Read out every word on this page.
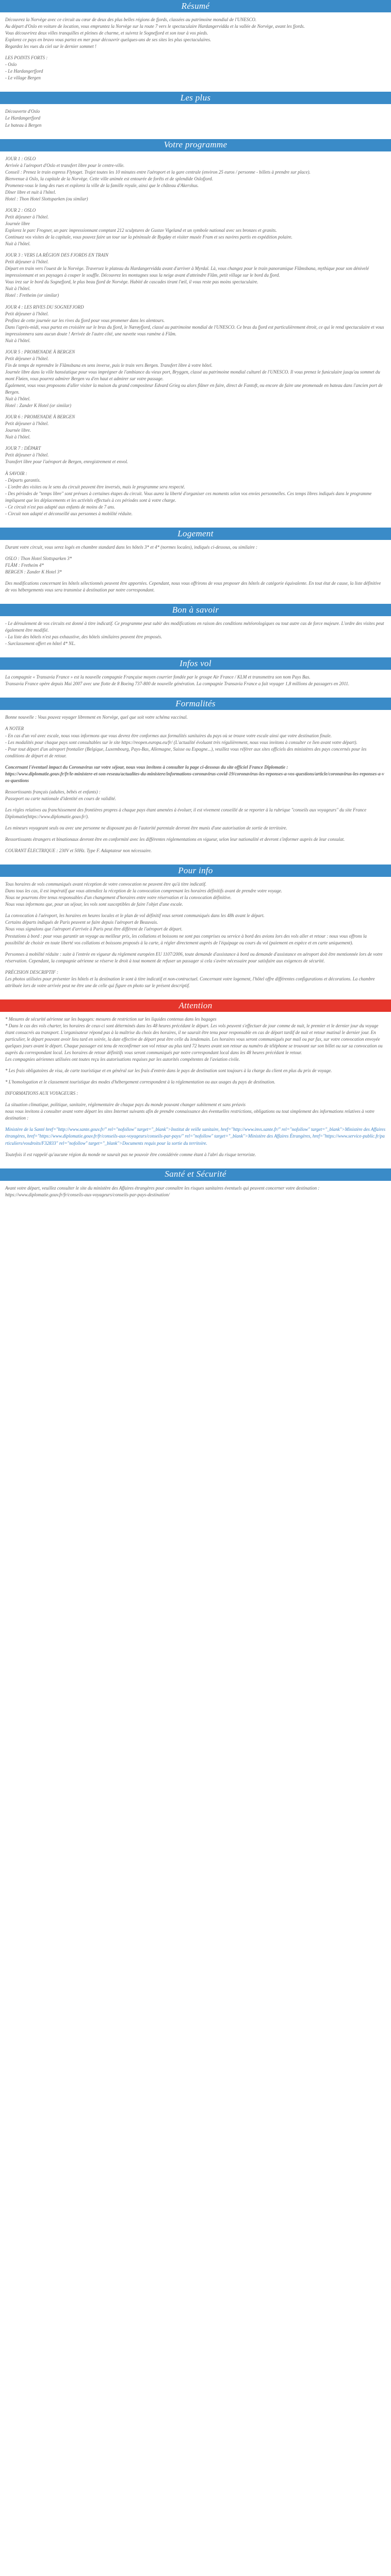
Résumé

Découvrez la Norvège avec ce circuit au cœur de deux des plus belles régions de fjords, classées au patrimoine mondial de l'UNESCO.
Au départ d'Oslo en voiture de location, vous empruntez la Norvège sur la route 7 vers le spectaculaire Hardangervidda et la vallée de Norvège, avant les fjords.
Vous découvrirez deux villes tranquilles et pleines de charme, et suivrez le Sognefjord et son tour à vos pieds.
Explorez ce pays en bravo vous partez en mer pour découvrir quelques-uns de ses sites les plus spectaculaires.
Regardez les vues du ciel sur le dernier sommet !

LES POINTS FORTS :
- Oslo
- Le Hardangerfjord
- Le village Bergen

Les plus

Découverte d'Oslo
Le Hardangerfjord
Le bateau à Bergen

Votre programme

JOUR 1 : OSLO
Arrivée à l'aéroport d'Oslo et transfert libre pour le centre-ville.
Conseil : Prenez le train express Flytoget. Trajet toutes les 10 minutes entre l'aéroport et la gare centrale (environ 25 euros / personne - billets à prendre sur place).
Bienvenue à Oslo, la capitale de la Norvège. Cette ville animée est entourée de forêts et de splendide Oslofjord.
Promenez-vous le long des rues et explorez la ville de la famille royale, ainsi que le château d'Akershus.
Dîner libre et nuit à l'hôtel.
Hotel : Thon Hotel Slottsparken (ou similar)

JOUR 2 : OSLO
Petit déjeuner à l'hôtel.
Journée libre
Explorez le parc Frogner, un parc impressionnant comptant 212 sculptures de Gustav Vigeland et un symbole national avec ses bronzes et granits.
Continuez vos visites de la capitale, vous pouvez faire un tour sur la péninsule de Bygdøy et visiter musée Fram et ses navires partis en expédition polaire.
Nuit à l'hôtel.

JOUR 3 : VERS LA RÉGION DES FJORDS EN TRAIN
Petit déjeuner à l'hôtel.
Départ en train vers l'ouest de la Norvège. Traversez le plateau du Hardangervidda avant d'arriver à Myrdal. Là, vous changez pour le train panoramique Flåmsbana, mythique pour son dénivelé impressionnant et ses paysages à couper le souffle. Découvrez les montagnes sous la neige avant d'atteindre Flåm, petit village sur le bord du fjord.
Vous irez sur le bord du Sognefjord, le plus beau fjord de Norvège. Habité de cascades tirant l'œil, il vous reste pas moins spectaculaire.
Nuit à l'hôtel.
Hotel : Fretheim (or similar)

JOUR 4 : LES RIVES DU SOGNEFJORD
Petit déjeuner à l'hôtel.
Profitez de cette journée sur les rives du fjord pour vous promener dans les alentours.
Dans l'après-midi, vous partez en croisière sur le bras du fjord, le Nærøyfjord, classé au patrimoine mondial de l'UNESCO. Ce bras du fjord est particulièrement étroit, ce qui le rend spectaculaire et vous impressionnera sans aucun doute ! Arrivée de l'autre côté, une navette vous ramène à Flåm.
Nuit à l'hôtel.

JOUR 5 : PROMENADE À BERGEN
Petit déjeuner à l'hôtel.
Fin de temps de reprendre le Flåmsbana en sens inverse, puis le train vers Bergen. Transfert libre à votre hôtel.
Journée libre dans la ville hanséatique pour vous imprégner de l'ambiance du vieux port, Bryggen, classé au patrimoine mondial culturel de l'UNESCO. Il vous prenez le funiculaire jusqu'au sommet du mont Fløien, vous pourrez admirer Bergen vu d'en haut et admirer sur votre passage.
Également, vous vous proposons d'aller visiter la maison du grand compositeur Edvard Grieg ou alors flâner en faire, direct de Fantoft, ou encore de faire une promenade en bateau dans l'ancien port de Bergen.
Nuit à l'hôtel.
Hotel : Zander K Hotel (or similar)

JOUR 6 : PROMENADE À BERGEN
Petit déjeuner à l'hôtel.
Journée libre.
Nuit à l'hôtel.

JOUR 7 : DÉPART
Petit déjeuner à l'hôtel.
Transfert libre pour l'aéroport de Bergen, enregistrement et envol.

À SAVOIR :
- Départs garantis.
- L'ordre des visites ou le sens du circuit peuvent être inversés, mais le programme sera respecté.
- Des périodes de "temps libre" sont prévues à certaines étapes du circuit. Vous aurez la liberté d'organiser ces moments selon vos envies personnelles. Ces temps libres indiqués dans le programme impliquent que les déplacements et les activités effectués à ces périodes sont à votre charge.
- Ce circuit n'est pas adapté aux enfants de moins de 7 ans.
- Circuit non adapté et déconseillé aux personnes à mobilité réduite.

Logement

Durant votre circuit, vous serez logés en chambre standard dans les hôtels 3* et 4* (normes locales), indiqués ci-dessous, ou similaire :

OSLO : Thon Hotel Slottsparken 3*
FLÅM : Fretheim 4*
BERGEN : Zander K Hotel 3*

Des modifications concernant les hôtels sélectionnés peuvent être apportées. Cependant, nous vous offrirons de vous proposer des hôtels de catégorie équivalente. En tout état de cause, la liste définitive de vos hébergements vous sera transmise à destination par notre correspondant.

Bon à savoir

- Le déroulement de vos circuits est donné à titre indicatif. Ce programme peut subir des modifications en raison des conditions météorologiques ou tout autre cas de force majeure. L'ordre des visites peut également être modifié.
- La liste des hôtels n'est pas exhaustive, des hôtels similaires peuvent être proposés.
- Surclassement offert en hôtel 4* NL.

Infos vol

La compagnie « Transavia France » est la nouvelle compagnie Française moyen courrier fondée par le groupe Air France / KLM et transmettra son nom Pays Bas.
Transavia France opère depuis Mai 2007 avec une flotte de 8 Boeing 737-800 de nouvelle génération. La compagnie Transavia France a fait voyager 1,8 millions de passagers en 2011.

Formalités

Bonne nouvelle : Vous pouvez voyager librement en Norvège, quel que soit votre schéma vaccinal.

A NOTER
- En cas d'un vol avec escale, nous vous informons que vous devrez être conformes aux formalités sanitaires du pays où se trouve votre escale ainsi que votre destination finale.
- Les modalités pour chaque pays sont consultables sur le site https://reopen.europa.eu/fr/ (L'actualité évoluant très régulièrement, nous vous invitons à consulter ce lien avant votre départ).
- Pour tout départ d'un aéroport frontalier (Belgique, Luxembourg, Pays-Bas, Allemagne, Suisse ou Espagne...), veuillez vous référer aux sites officiels des ministères des pays concernés pour les conditions de départ et de retour.

Concernant l'éventuel impact du Coronavirus sur votre séjour, nous vous invitons à consulter la page ci-dessous du site officiel France Diplomatie :
https://www.diplomatie.gouv.fr/fr/le-ministere-et-son-reseau/actualites-du-ministere/informations-coronavirus-covid-19/coronavirus-les-reponses-a-vos-questions/article/coronavirus-les-reponses-a-vos-questions

Ressortissants français (adultes, bébés et enfants) :
Passeport ou carte nationale d'identité en cours de validité.

Les règles relatives au franchissement des frontières propres à chaque pays étant amenées à évoluer, il est vivement conseillé de se reporter à la rubrique "conseils aux voyageurs" du site France Diplomatie(https://www.diplomatie.gouv.fr/).

Les mineurs voyageant seuls ou avec une personne ne disposant pas de l'autorité parentale devront être munis d'une autorisation de sortie de territoire.

Ressortissants étrangers et binationaux devront être en conformité avec les différentes réglementations en vigueur, selon leur nationalité et devront s'informer auprès de leur consulat.

COURANT ÉLECTRIQUE : 230V et 50Hz. Type F. Adaptateur non nécessaire.

Pour info

Tous horaires de vols communiqués avant réception de votre convocation ne peuvent être qu'à titre indicatif.
Dans tous les cas, il est impératif que vous attendiez la réception de la convocation comprenant les horaires définitifs avant de prendre votre voyage.
Nous ne pourrons être tenus responsables d'un changement d'horaires entre votre réservation et la convocation définitive.
Nous vous informons que, pour un séjour, les vols sont susceptibles de faire l'objet d'une escale.

La convocation à l'aéroport, les horaires en heures locales et le plan de vol définitif vous seront communiqués dans les 48h avant le départ.
Certains départs indiqués de Paris peuvent se faire depuis l'aéroport de Beauvais.
Nous vous signalons que l'aéroport d'arrivée à Paris peut être différent de l'aéroport de départ.
Prestations à bord : pour vous garantir un voyage au meilleur prix, les collations et boissons ne sont pas comprises ou service à bord des avions lors des vols aller et retour : nous vous offrons la possibilité de choisir en toute liberté vos collations et boissons proposés à la carte, à régler directement auprès de l'équipage ou cours du vol (paiement en espèce et en carte uniquement).

Personnes à mobilité réduite : suite à l'entrée en vigueur du règlement européen EU 1107/2006, toute demande d'assistance à bord ou demande d'assistance en aéroport doit être mentionnée lors de votre réservation. Cependant, la compagnie aérienne se réserve le droit à tout moment de refuser un passager si cela s'avère nécessaire pour satisfaire aux exigences de sécurité.

PRÉCISION DESCRIPTIF :
Les photos utilisées pour présenter les hôtels et la destination le sont à titre indicatif et non-contractuel. Concernant votre logement, l'hôtel offre différentes configurations et décorations. La chambre attribuée lors de votre arrivée peut ne être une de celle qui figure en photo sur le présent descriptif.

Attention

* Mesures de sécurité aérienne sur les bagages: mesures de restriction sur les liquides contenus dans les bagages
* Dans le cas des vols charter, les horaires de ceux-ci sont déterminés dans les 48 heures précédant le départ. Les vols peuvent s'effectuer de jour comme de nuit, le premier et le dernier jour du voyage étant consacrés au transport. L'organisateur répond pas à la maîtrise du choix des horaires, il ne saurait être tenu pour responsable en cas de départ tardif de nuit et retour matinal le dernier jour. En particulier, le départ pouvant avoir lieu tard en soirée, la date effective de départ peut être celle du lendemain. Les horaires vous seront communiqués par mail ou par fax, sur votre convocation envoyée quelques jours avant le départ. Chaque passager est tenu de reconfirmer son vol retour au plus tard 72 heures avant son retour au numéro de téléphone se trouvant sur son billet ou sur sa convocation ou auprès du correspondant local. Les horaires de retour définitifs vous seront communiqués par notre correspondant local dans les 48 heures précédant le retour.
Les compagnies aériennes utilisées ont toutes reçu les autorisations requises par les autorités compétentes de l'aviation civile.

* Les frais obligatoires de visa, de carte touristique et en général sur les frais d'entrée dans le pays de destination sont toujours à la charge du client en plus du prix de voyage.

* L'homologation et le classement touristique des modes d'hébergement correspondent à la réglementation ou aux usages du pays de destination.

INFORMATIONS AUX VOYAGEURS :

La situation climatique, politique, sanitaire, réglementaire de chaque pays du monde pouvant changer subitement et sans préavis
nous vous invitons à consulter avant votre départ les sites Internet suivants afin de prendre connaissance des éventuelles restrictions, obligations ou tout simplement des informations relatives à votre destination :

Ministère de la Santé href="http://www.sante.gouv.fr/" rel="nofollow" target="_blank">Institut de veille sanitaire, href="http://www.invs.sante.fr/" rel="nofollow" target="_blank">Ministère des Affaires étrangères, href="https://www.diplomatie.gouv.fr/fr/conseils-aux-voyageurs/conseils-par-pays/" rel="nofollow" target="_blank">Ministère des Affaires Étrangères, href="https://www.service-public.fr/particuliers/vosdroits/F32833" rel="nofollow" target="_blank">Documents requis pour la sortie du territoire.

Toutefois il est rappelé qu'aucune région du monde ne saurait pas ne pouvoir être considérée comme étant à l'abri du risque terroriste.

Santé et Sécurité

Avant votre départ, veuillez consulter le site du ministère des Affaires étrangères pour connaître les risques sanitaires éventuels qui peuvent concerner votre destination : https://www.diplomatie.gouv.fr/fr/conseils-aux-voyageurs/conseils-par-pays-destination/
